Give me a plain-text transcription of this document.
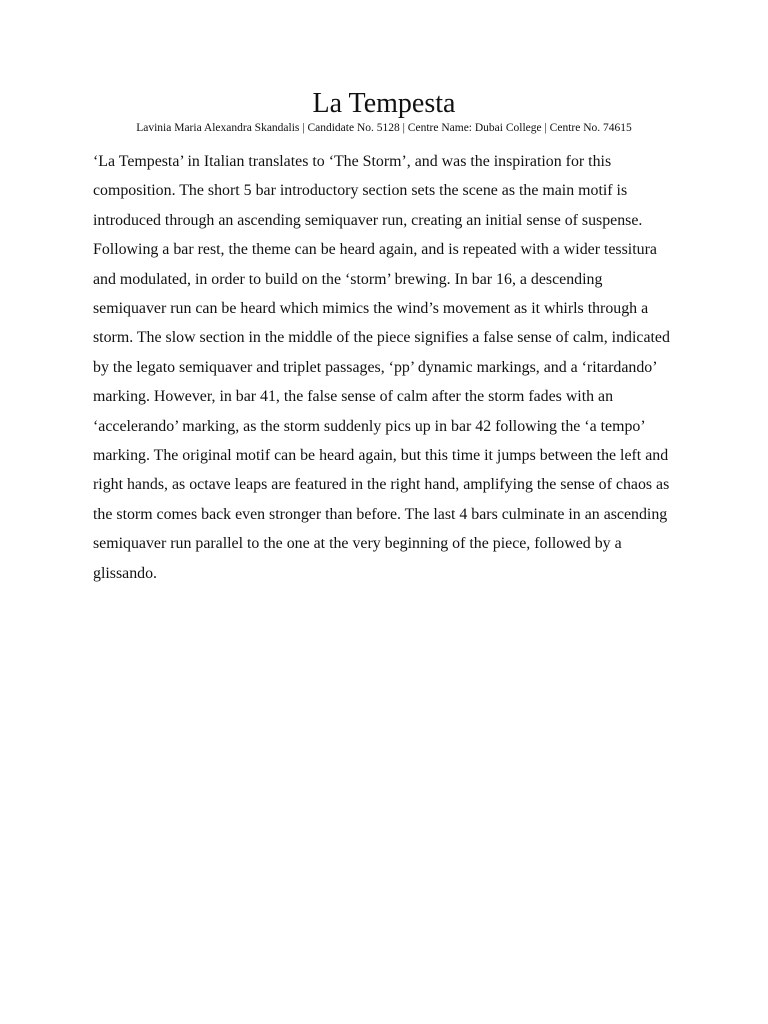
La Tempesta
Lavinia Maria Alexandra Skandalis | Candidate No. 5128 | Centre Name: Dubai College | Centre No. 74615

‘La Tempesta’ in Italian translates to ‘The Storm’, and was the inspiration for this composition. The short 5 bar introductory section sets the scene as the main motif is introduced through an ascending semiquaver run, creating an initial sense of suspense. Following a bar rest, the theme can be heard again, and is repeated with a wider tessitura and modulated, in order to build on the ‘storm’ brewing. In bar 16, a descending semiquaver run can be heard which mimics the wind’s movement as it whirls through a storm. The slow section in the middle of the piece signifies a false sense of calm, indicated by the legato semiquaver and triplet passages, ‘pp’ dynamic markings, and a ‘ritardando’ marking. However, in bar 41, the false sense of calm after the storm fades with an ‘accelerando’ marking, as the storm suddenly pics up in bar 42 following the ‘a tempo’ marking. The original motif can be heard again, but this time it jumps between the left and right hands, as octave leaps are featured in the right hand, amplifying the sense of chaos as the storm comes back even stronger than before. The last 4 bars culminate in an ascending semiquaver run parallel to the one at the very beginning of the piece, followed by a glissando.
